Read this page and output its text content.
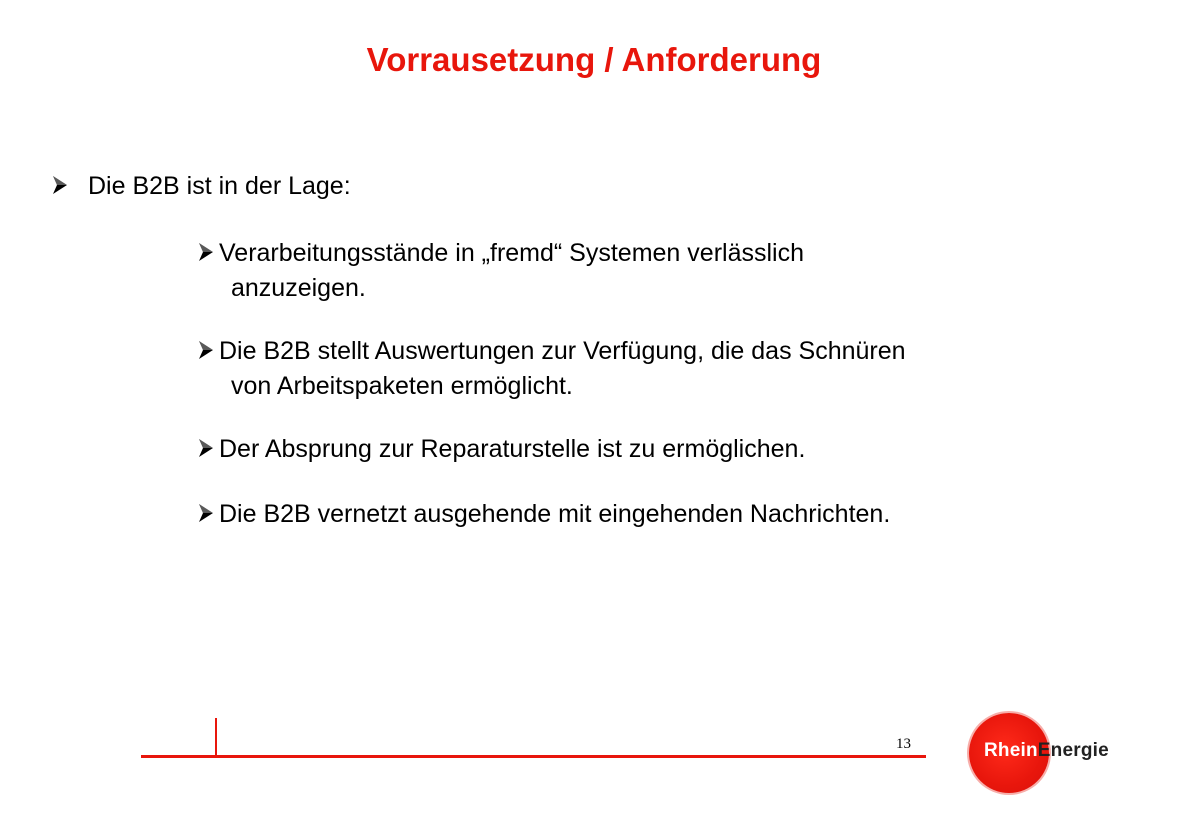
Vorrausetzung / Anforderung
Die B2B ist in der Lage:
Verarbeitungsstände in „fremd“ Systemen verlässlich
anzuzeigen.
Die B2B stellt Auswertungen zur Verfügung, die das Schnüren
von Arbeitspaketen ermöglicht.
Der Absprung zur Reparaturstelle ist zu ermöglichen.
Die B2B vernetzt ausgehende mit eingehenden Nachrichten.
13	RheinEnergie
